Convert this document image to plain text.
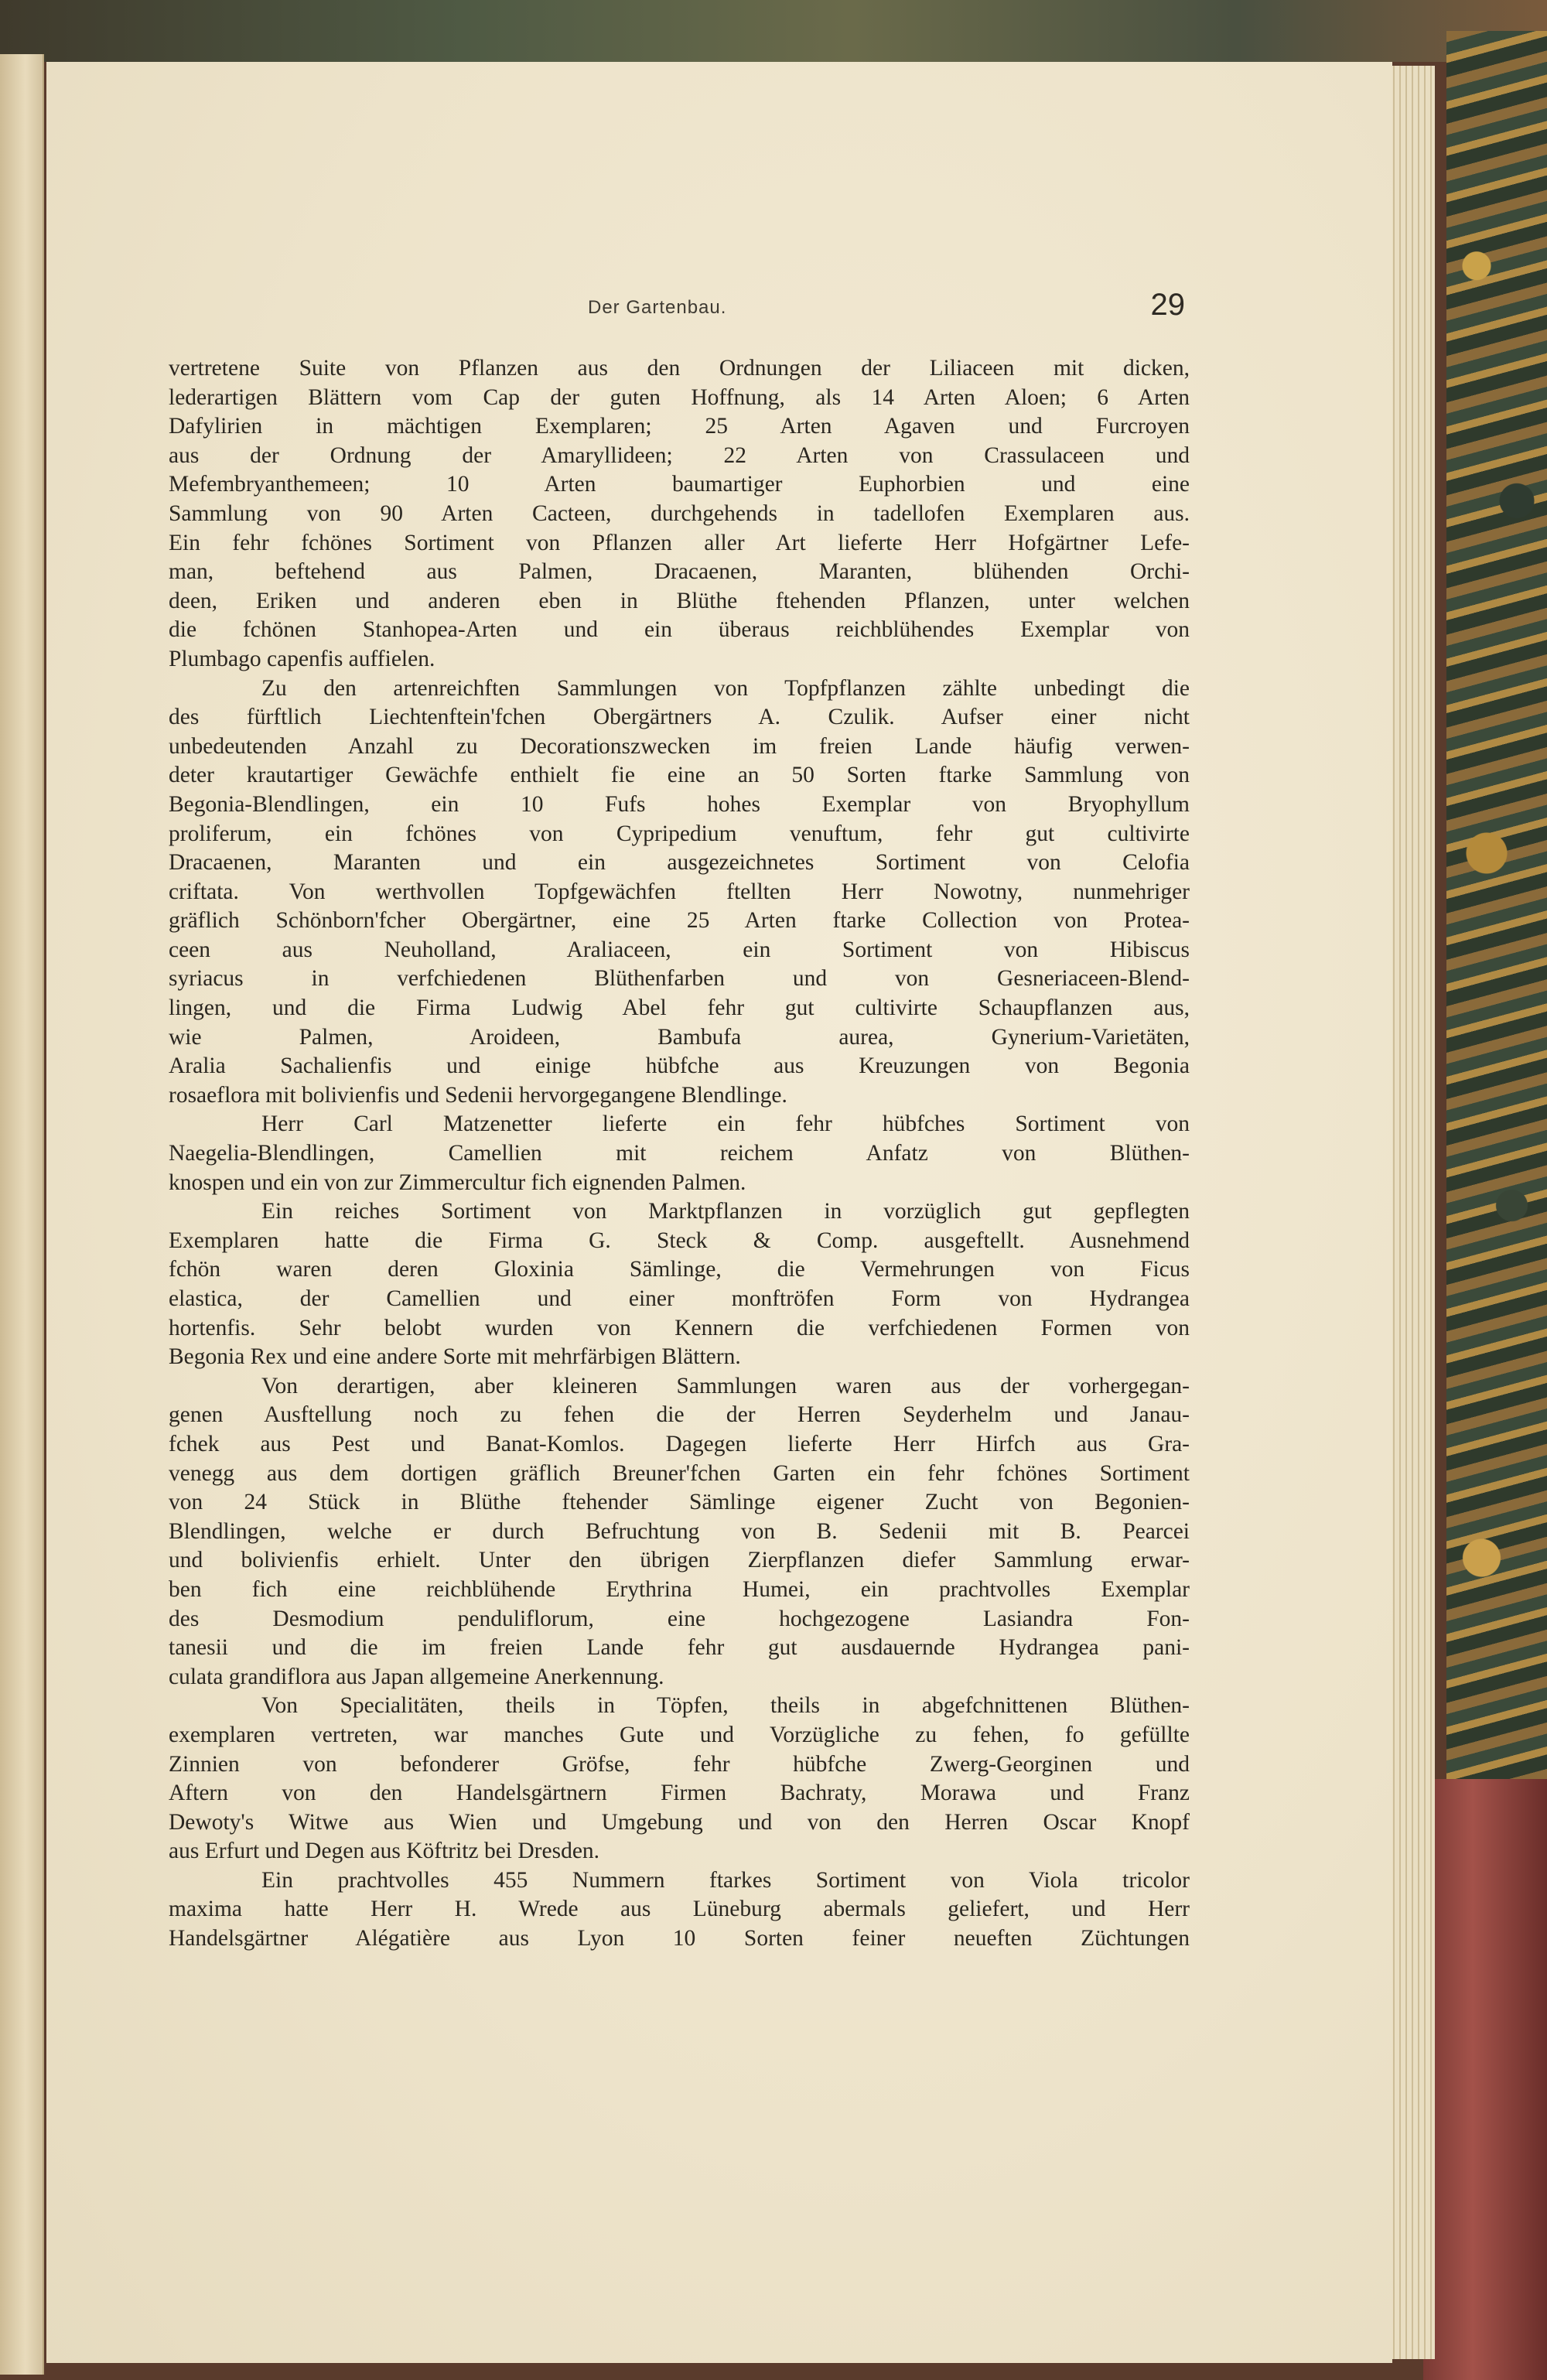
Der Gartenbau.	29
vertretene Suite von Pflanzen aus den Ordnungen der Liliaceen mit dicken,
lederartigen Blättern vom Cap der guten Hoffnung, als 14 Arten Aloen; 6 Arten
Dafylirien in mächtigen Exemplaren; 25 Arten Agaven und Furcroyen
aus der Ordnung der Amaryllideen; 22 Arten von Crassulaceen und
Mefembryanthemeen; 10 Arten baumartiger Euphorbien und eine
Sammlung von 90 Arten Cacteen, durchgehends in tadellofen Exemplaren aus.
Ein fehr fchönes Sortiment von Pflanzen aller Art lieferte Herr Hofgärtner Lefe-
man, beftehend aus Palmen, Dracaenen, Maranten, blühenden Orchi-
deen, Eriken und anderen eben in Blüthe ftehenden Pflanzen, unter welchen
die fchönen Stanhopea-Arten und ein überaus reichblühendes Exemplar von
Plumbago capenfis auffielen.
Zu den artenreichften Sammlungen von Topfpflanzen zählte unbedingt die
des fürftlich Liechtenftein'fchen Obergärtners A. Czulik. Aufser einer nicht
unbedeutenden Anzahl zu Decorationszwecken im freien Lande häufig verwen-
deter krautartiger Gewächfe enthielt fie eine an 50 Sorten ftarke Sammlung von
Begonia-Blendlingen, ein 10 Fufs hohes Exemplar von Bryophyllum
proliferum, ein fchönes von Cypripedium venuftum, fehr gut cultivirte
Dracaenen, Maranten und ein ausgezeichnetes Sortiment von Celofia
criftata. Von werthvollen Topfgewächfen ftellten Herr Nowotny, nunmehriger
gräflich Schönborn'fcher Obergärtner, eine 25 Arten ftarke Collection von Protea-
ceen aus Neuholland, Araliaceen, ein Sortiment von Hibiscus
syriacus in verfchiedenen Blüthenfarben und von Gesneriaceen-Blend-
lingen, und die Firma Ludwig Abel fehr gut cultivirte Schaupflanzen aus,
wie Palmen, Aroideen, Bambufa aurea, Gynerium-Varietäten,
Aralia Sachalienfis und einige hübfche aus Kreuzungen von Begonia
rosaeflora mit bolivienfis und Sedenii hervorgegangene Blendlinge.
Herr Carl Matzenetter lieferte ein fehr hübfches Sortiment von
Naegelia-Blendlingen, Camellien mit reichem Anfatz von Blüthen-
knospen und ein von zur Zimmercultur fich eignenden Palmen.
Ein reiches Sortiment von Marktpflanzen in vorzüglich gut gepflegten
Exemplaren hatte die Firma G. Steck & Comp. ausgeftellt. Ausnehmend
fchön waren deren Gloxinia Sämlinge, die Vermehrungen von Ficus
elastica, der Camellien und einer monftröfen Form von Hydrangea
hortenfis. Sehr belobt wurden von Kennern die verfchiedenen Formen von
Begonia Rex und eine andere Sorte mit mehrfärbigen Blättern.
Von derartigen, aber kleineren Sammlungen waren aus der vorhergegan-
genen Ausftellung noch zu fehen die der Herren Seyderhelm und Janau-
fchek aus Pest und Banat-Komlos. Dagegen lieferte Herr Hirfch aus Gra-
venegg aus dem dortigen gräflich Breuner'fchen Garten ein fehr fchönes Sortiment
von 24 Stück in Blüthe ftehender Sämlinge eigener Zucht von Begonien-
Blendlingen, welche er durch Befruchtung von B. Sedenii mit B. Pearcei
und bolivienfis erhielt. Unter den übrigen Zierpflanzen diefer Sammlung erwar-
ben fich eine reichblühende Erythrina Humei, ein prachtvolles Exemplar
des Desmodium penduliflorum, eine hochgezogene Lasiandra Fon-
tanesii und die im freien Lande fehr gut ausdauernde Hydrangea pani-
culata grandiflora aus Japan allgemeine Anerkennung.
Von Specialitäten, theils in Töpfen, theils in abgefchnittenen Blüthen-
exemplaren vertreten, war manches Gute und Vorzügliche zu fehen, fo gefüllte
Zinnien von befonderer Gröfse, fehr hübfche Zwerg-Georginen und
Aftern von den Handelsgärtnern Firmen Bachraty, Morawa und Franz
Dewoty's Witwe aus Wien und Umgebung und von den Herren Oscar Knopf
aus Erfurt und Degen aus Köftritz bei Dresden.
Ein prachtvolles 455 Nummern ftarkes Sortiment von Viola tricolor
maxima hatte Herr H. Wrede aus Lüneburg abermals geliefert, und Herr
Handelsgärtner Alégatière aus Lyon 10 Sorten feiner neueften Züchtungen
